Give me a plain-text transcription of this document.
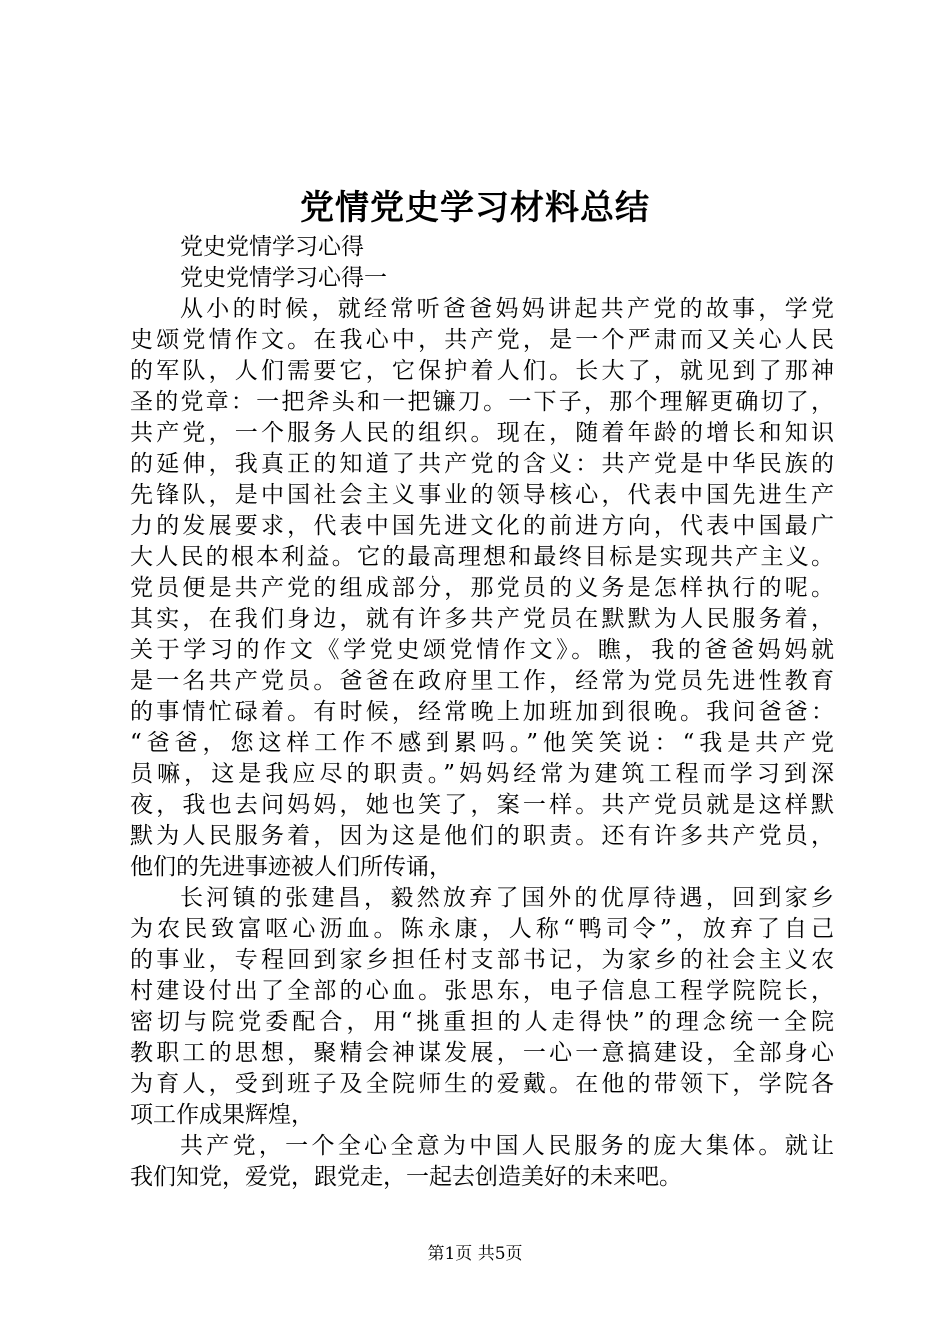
党情党史学习材料总结
党史党情学习心得
党史党情学习心得一
从小的时候，就经常听爸爸妈妈讲起共产党的故事，学党
史颂党情作文。在我心中，共产党，是一个严肃而又关心人民
的军队，人们需要它，它保护着人们。长大了，就见到了那神
圣的党章：一把斧头和一把镰刀。一下子，那个理解更确切了，
共产党，一个服务人民的组织。现在，随着年龄的增长和知识
的延伸，我真正的知道了共产党的含义：共产党是中华民族的
先锋队，是中国社会主义事业的领导核心，代表中国先进生产
力的发展要求，代表中国先进文化的前进方向，代表中国最广
大人民的根本利益。它的最高理想和最终目标是实现共产主义。
党员便是共产党的组成部分，那党员的义务是怎样执行的呢。
其实，在我们身边，就有许多共产党员在默默为人民服务着，
关于学习的作文《学党史颂党情作文》。瞧，我的爸爸妈妈就
是一名共产党员。爸爸在政府里工作，经常为党员先进性教育
的事情忙碌着。有时候，经常晚上加班加到很晚。我问爸爸：
“爸爸，您这样工作不感到累吗。”他笑笑说：“我是共产党
员嘛，这是我应尽的职责。”妈妈经常为建筑工程而学习到深
夜，我也去问妈妈，她也笑了，案一样。共产党员就是这样默
默为人民服务着，因为这是他们的职责。还有许多共产党员，
他们的先进事迹被人们所传诵，
长河镇的张建昌，毅然放弃了国外的优厚待遇，回到家乡
为农民致富呕心沥血。陈永康，人称“鸭司令”，放弃了自己
的事业，专程回到家乡担任村支部书记，为家乡的社会主义农
村建设付出了全部的心血。张思东，电子信息工程学院院长，
密切与院党委配合，用“挑重担的人走得快”的理念统一全院
教职工的思想，聚精会神谋发展，一心一意搞建设，全部身心
为育人，受到班子及全院师生的爱戴。在他的带领下，学院各
项工作成果辉煌，
共产党，一个全心全意为中国人民服务的庞大集体。就让
我们知党，爱党，跟党走，一起去创造美好的未来吧。
第1页 共5页
